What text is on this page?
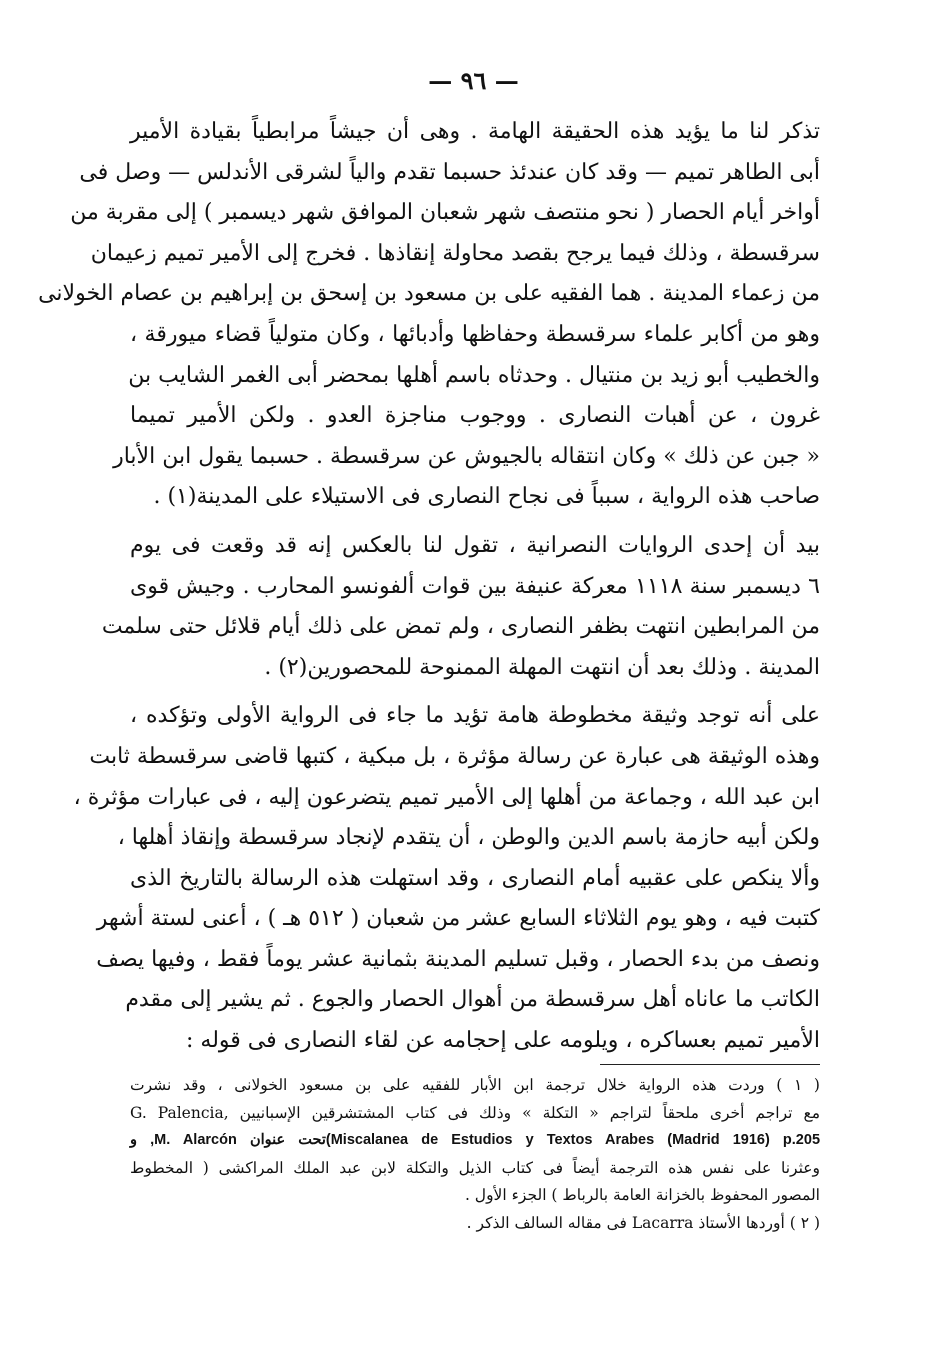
— ٩٦ —
تذكر لنا ما يؤيد هذه الحقيقة الهامة . وهى أن جيشاً مرابطياً بقيادة الأمير
أبى الطاهر تميم — وقد كان عندئذ حسبما تقدم والياً لشرقى الأندلس — وصل فى
أواخر أيام الحصار ( نحو منتصف شهر شعبان الموافق شهر ديسمبر ) إلى مقربة من
سرقسطة ، وذلك فيما يرجح بقصد محاولة إنقاذها . فخرج إلى الأمير تميم زعيمان
من زعماء المدينة . هما الفقيه على بن مسعود بن إسحق بن إبراهيم بن عصام الخولانى
وهو من أكابر علماء سرقسطة وحفاظها وأدبائها ، وكان متولياً قضاء ميورقة ،
والخطيب أبو زيد بن منتيال . وحدثاه باسم أهلها بمحضر أبى الغمر الشايب بن
غرون ، عن أهبات النصارى . ووجوب مناجزة العدو . ولكن الأمير تميما
« جبن عن ذلك » وكان انتقاله بالجيوش عن سرقسطة . حسبما يقول ابن الأبار
صاحب هذه الرواية ، سبباً فى نجاح النصارى فى الاستيلاء على المدينة(١) .
بيد أن إحدى الروايات النصرانية ، تقول لنا بالعكس إنه قد وقعت فى يوم
٦ ديسمبر سنة ١١١٨ معركة عنيفة بين قوات ألفونسو المحارب . وجيش قوى
من المرابطين انتهت بظفر النصارى ، ولم تمض على ذلك أيام قلائل حتى سلمت
المدينة . وذلك بعد أن انتهت المهلة الممنوحة للمحصورين(٢) .
على أنه توجد وثيقة مخطوطة هامة تؤيد ما جاء فى الرواية الأولى وتؤكده ،
وهذه الوثيقة هى عبارة عن رسالة مؤثرة ، بل مبكية ، كتبها قاضى سرقسطة ثابت
ابن عبد الله ، وجماعة من أهلها إلى الأمير تميم يتضرعون إليه ، فى عبارات مؤثرة ،
ولكن أبيه حازمة باسم الدين والوطن ، أن يتقدم لإنجاد سرقسطة وإنقاذ أهلها ،
وألا ينكص على عقبيه أمام النصارى ، وقد استهلت هذه الرسالة بالتاريخ الذى
كتبت فيه ، وهو يوم الثلاثاء السابع عشر من شعبان ( ٥١٢ هـ ) ، أعنى لستة أشهر
ونصف من بدء الحصار ، وقبل تسليم المدينة بثمانية عشر يوماً فقط ، وفيها يصف
الكاتب ما عاناه أهل سرقسطة من أهوال الحصار والجوع . ثم يشير إلى مقدم
الأمير تميم بعساكره ، ويلومه على إحجامه عن لقاء النصارى فى قوله :
( ١ ) وردت هذه الرواية خلال ترجمة ابن الأبار للفقيه على بن مسعود الخولانى ، وقد نشرت
مع تراجم أخرى ملحقاً لتراجم « التكلة » وذلك فى كتاب المشتشرقين الإسبانيين ,G. Palencia
Miscalanea de Estudios y Textos Arabes (Madrid 1916) p.205)تحت عنوان M. Alarcón, و
وعثرنا على نفس هذه الترجمة أيضاً فى كتاب الذيل والتكلة لابن عبد الملك المراكشى ( المخطوط
المصور المحفوظ بالخزانة العامة بالرباط ) الجزء الأول .
( ٢ ) أوردها الأستاذ Lacarra فى مقاله السالف الذكر .
